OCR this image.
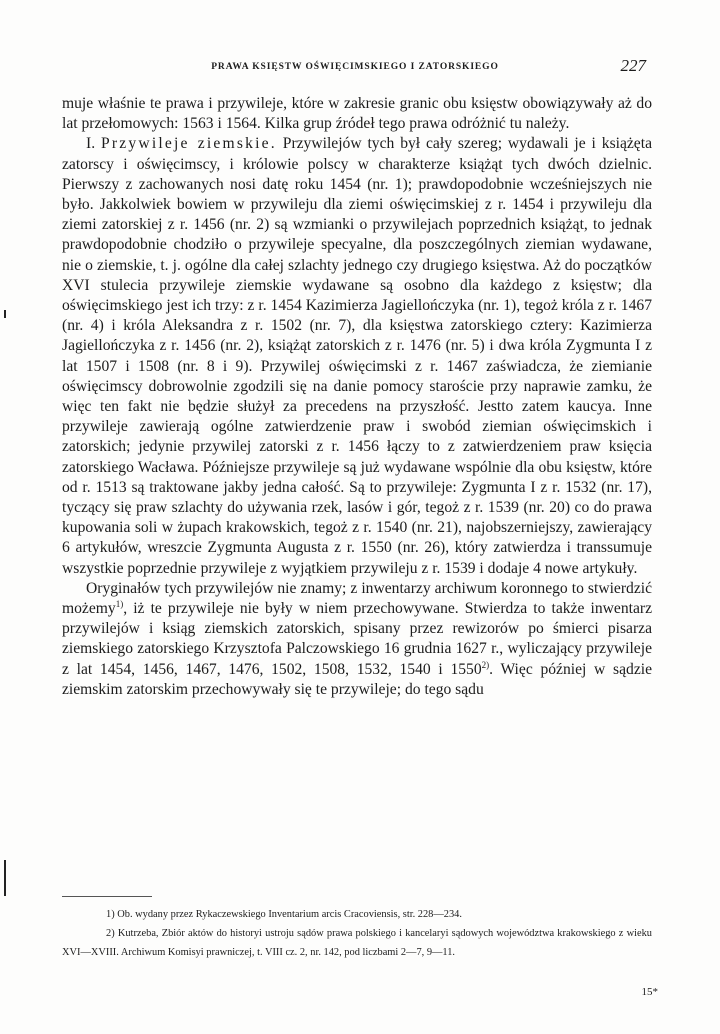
PRAWA KSIĘSTW OŚWIĘCIMSKIEGO I ZATORSKIEGO	227

muje właśnie te prawa i przywileje, które w zakresie granic obu księstw obowiązywały aż do lat przełomowych: 1563 i 1564. Kilka grup źródeł tego prawa odróżnić tu należy.

I. Przywileje ziemskie. Przywilejów tych był cały szereg; wydawali je i książęta zatorscy i oświęcimscy, i królowie polscy w charakterze książąt tych dwóch dzielnic. Pierwszy z zachowanych nosi datę roku 1454 (nr. 1); prawdopodobnie wcześniejszych nie było. Jakkolwiek bowiem w przywileju dla ziemi oświęcimskiej z r. 1454 i przywileju dla ziemi zatorskiej z r. 1456 (nr. 2) są wzmianki o przywilejach poprzednich książąt, to jednak prawdopodobnie chodziło o przywileje specyalne, dla poszczególnych ziemian wydawane, nie o ziemskie, t. j. ogólne dla całej szlachty jednego czy drugiego księstwa. Aż do początków XVI stulecia przywileje ziemskie wydawane są osobno dla każdego z księstw; dla oświęcimskiego jest ich trzy: z r. 1454 Kazimierza Jagiellończyka (nr. 1), tegoż króla z r. 1467 (nr. 4) i króla Aleksandra z r. 1502 (nr. 7), dla księstwa zatorskiego cztery: Kazimierza Jagiellończyka z r. 1456 (nr. 2), książąt zatorskich z r. 1476 (nr. 5) i dwa króla Zygmunta I z lat 1507 i 1508 (nr. 8 i 9). Przywilej oświęcimski z r. 1467 zaświadcza, że ziemianie oświęcimscy dobrowolnie zgodzili się na danie pomocy staroście przy naprawie zamku, że więc ten fakt nie będzie służył za precedens na przyszłość. Jestto zatem kaucya. Inne przywileje zawierają ogólne zatwierdzenie praw i swobód ziemian oświęcimskich i zatorskich; jedynie przywilej zatorski z r. 1456 łączy to z zatwierdzeniem praw księcia zatorskiego Wacława. Późniejsze przywileje są już wydawane wspólnie dla obu księstw, które od r. 1513 są traktowane jakby jedna całość. Są to przywileje: Zygmunta I z r. 1532 (nr. 17), tyczący się praw szlachty do używania rzek, lasów i gór, tegoż z r. 1539 (nr. 20) co do prawa kupowania soli w żupach krakowskich, tegoż z r. 1540 (nr. 21), najobszerniejszy, zawierający 6 artykułów, wreszcie Zygmunta Augusta z r. 1550 (nr. 26), który zatwierdza i transsumuje wszystkie poprzednie przywileje z wyjątkiem przywileju z r. 1539 i dodaje 4 nowe artykuły.

Oryginałów tych przywilejów nie znamy; z inwentarzy archiwum koronnego to stwierdzić możemy$^{1)}$, iż te przywileje nie były w niem przechowywane. Stwierdza to także inwentarz przywilejów i ksiąg ziemskich zatorskich, spisany przez rewizorów po śmierci pisarza ziemskiego zatorskiego Krzysztofa Palczowskiego 16 grudnia 1627 r., wyliczający przywileje z lat 1454, 1456, 1467, 1476, 1502, 1508, 1532, 1540 i 1550$^{2)}$. Więc później w sądzie ziemskim zatorskim przechowywały się te przywileje; do tego sądu

1) Ob. wydany przez Rykaczewskiego Inventarium arcis Cracoviensis, str. 228—234.

2) Kutrzeba, Zbiór aktów do historyi ustroju sądów prawa polskiego i kancelaryi sądowych województwa krakowskiego z wieku XVI—XVIII. Archiwum Komisyi prawniczej, t. VIII cz. 2, nr. 142, pod liczbami 2—7, 9—11.

15*
